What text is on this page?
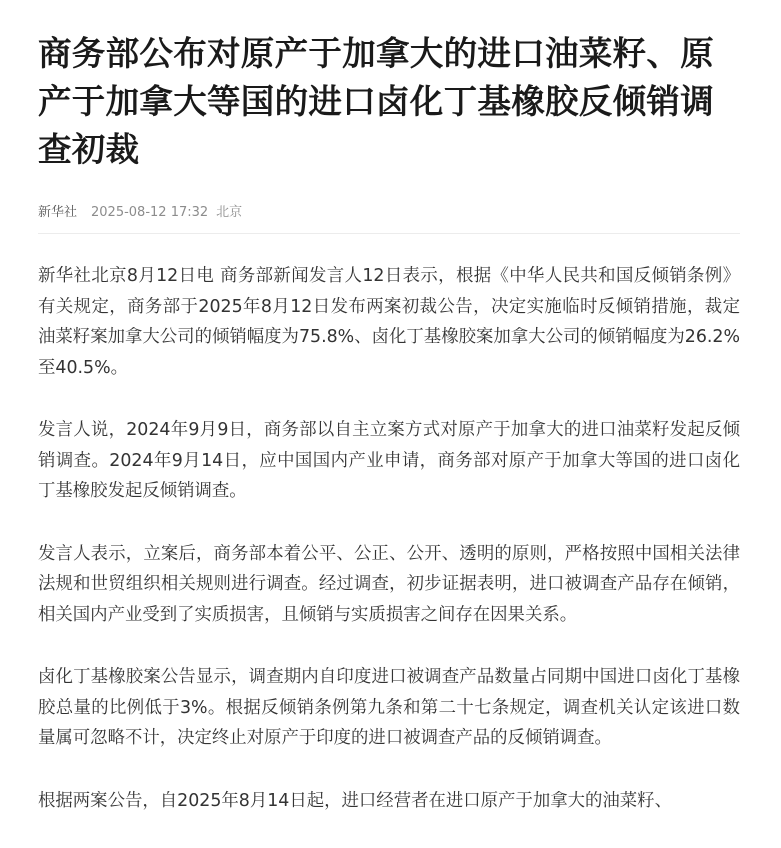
商务部公布对原产于加拿大的进口油菜籽、原产于加拿大等国的进口卤化丁基橡胶反倾销调查初裁
新华社 2025-08-12 17:32 北京

新华社北京8月12日电 商务部新闻发言人12日表示，根据《中华人民共和国反倾销条例》有关规定，商务部于2025年8月12日发布两案初裁公告，决定实施临时反倾销措施，裁定油菜籽案加拿大公司的倾销幅度为75.8%、卤化丁基橡胶案加拿大公司的倾销幅度为26.2%至40.5%。

发言人说，2024年9月9日，商务部以自主立案方式对原产于加拿大的进口油菜籽发起反倾销调查。2024年9月14日，应中国国内产业申请，商务部对原产于加拿大等国的进口卤化丁基橡胶发起反倾销调查。

发言人表示，立案后，商务部本着公平、公正、公开、透明的原则，严格按照中国相关法律法规和世贸组织相关规则进行调查。经过调查，初步证据表明，进口被调查产品存在倾销，相关国内产业受到了实质损害，且倾销与实质损害之间存在因果关系。

卤化丁基橡胶案公告显示，调查期内自印度进口被调查产品数量占同期中国进口卤化丁基橡胶总量的比例低于3%。根据反倾销条例第九条和第二十七条规定，调查机关认定该进口数量属可忽略不计，决定终止对原产于印度的进口被调查产品的反倾销调查。

根据两案公告，自2025年8月14日起，进口经营者在进口原产于加拿大的油菜籽、
